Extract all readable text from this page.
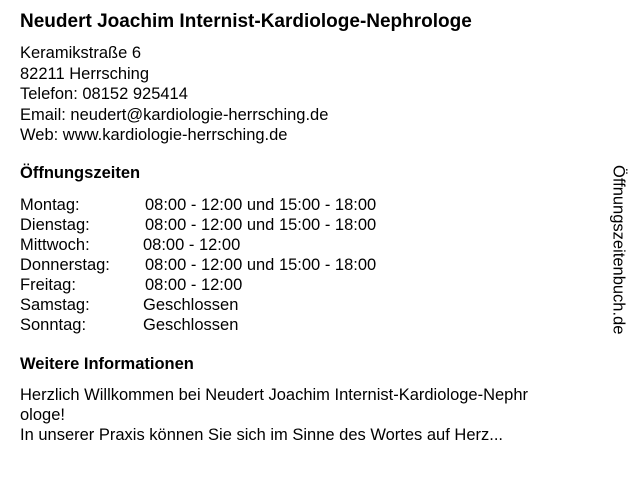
Neudert Joachim Internist-Kardiologe-Nephrologe
Keramikstraße 6
82211 Herrsching
Telefon: 08152 925414
Email: neudert@kardiologie-herrsching.de
Web: www.kardiologie-herrsching.de
Öffnungszeiten
Montag:	08:00 - 12:00 und 15:00 - 18:00
Dienstag:	08:00 - 12:00 und 15:00 - 18:00
Mittwoch:	08:00 - 12:00
Donnerstag:	08:00 - 12:00 und 15:00 - 18:00
Freitag:	08:00 - 12:00
Samstag:	Geschlossen
Sonntag:	Geschlossen
Weitere Informationen
Herzlich Willkommen bei Neudert Joachim Internist-Kardiologe-Nephr
ologe!
In unserer Praxis können Sie sich im Sinne des Wortes auf Herz...
Öffnungszeitenbuch.de
